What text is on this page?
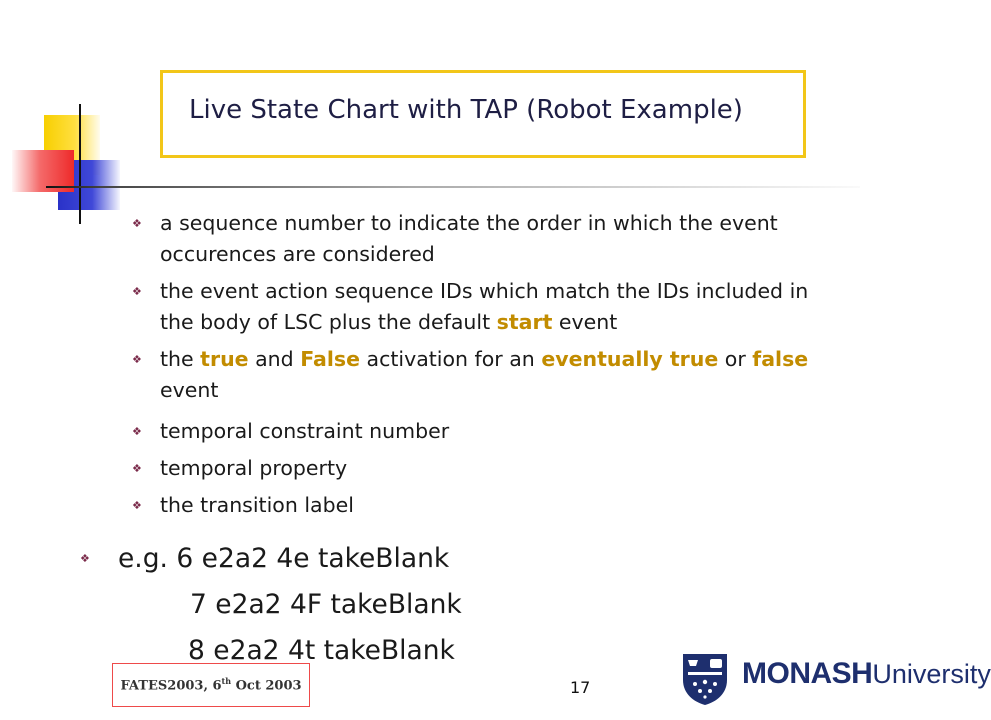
Live State Chart with TAP (Robot Example)
❖ a sequence number to indicate the order in which the event occurences are considered
❖ the event action sequence IDs which match the IDs included in the body of LSC plus the default start event
❖ the true and False activation for an eventually true or false event
❖ temporal constraint number
❖ temporal property
❖ the transition label
❖ e.g. 6 e2a2 4e takeBlank
7 e2a2 4F takeBlank
8 e2a2 4t takeBlank
FATES2003, 6th Oct 2003	17	MONASHUniversity
